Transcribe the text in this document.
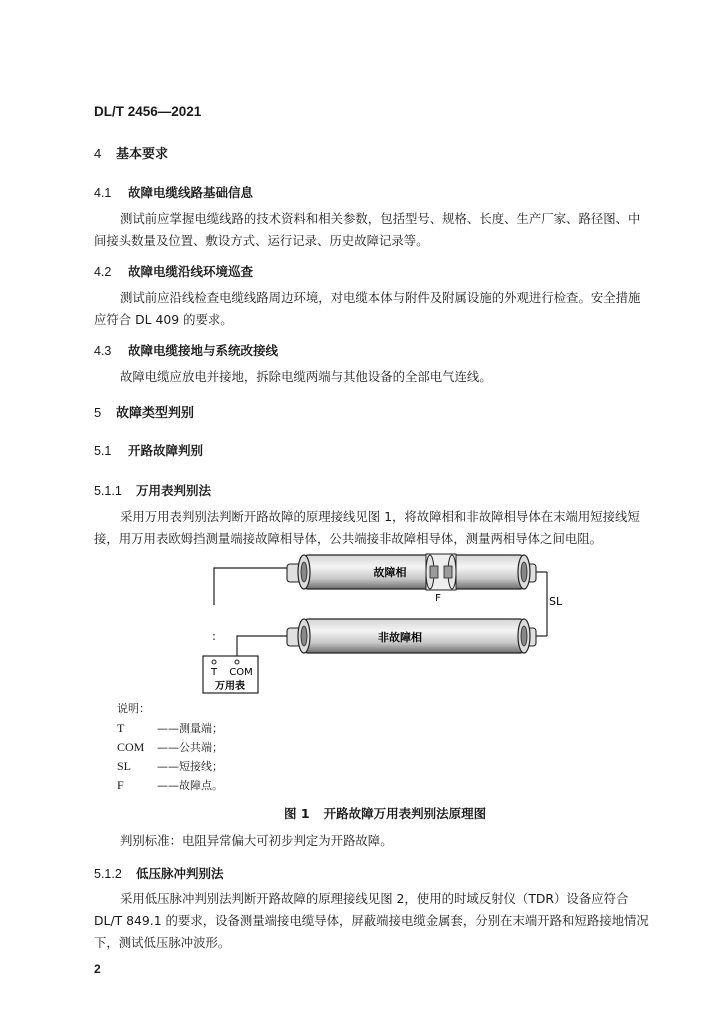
DL/T 2456—2021
4 基本要求
4.1 故障电缆线路基础信息
测试前应掌握电缆线路的技术资料和相关参数，包括型号、规格、长度、生产厂家、路径图、中
间接头数量及位置、敷设方式、运行记录、历史故障记录等。
4.2 故障电缆沿线环境巡查
测试前应沿线检查电缆线路周边环境，对电缆本体与附件及附属设施的外观进行检查。安全措施
应符合 DL 409 的要求。
4.3 故障电缆接地与系统改接线
故障电缆应放电并接地，拆除电缆两端与其他设备的全部电气连线。
5 故障类型判别
5.1 开路故障判别
5.1.1 万用表判别法
采用万用表判别法判断开路故障的原理接线见图 1，将故障相和非故障相导体在末端用短接线短
接，用万用表欧姆挡测量端接故障相导体，公共端接非故障相导体，测量两相导体之间电阻。
故障相
F
非故障相
SL
T COM
万用表
说明：
T	——测量端；
COM ——公共端；
SL ——短接线；
F	——故障点。
图 1 开路故障万用表判别法原理图
判别标准：电阻异常偏大可初步判定为开路故障。
5.1.2 低压脉冲判别法
采用低压脉冲判别法判断开路故障的原理接线见图 2，使用的时域反射仪（TDR）设备应符合
DL/T 849.1 的要求，设备测量端接电缆导体，屏蔽端接电缆金属套，分别在末端开路和短路接地情况
下，测试低压脉冲波形。
2
